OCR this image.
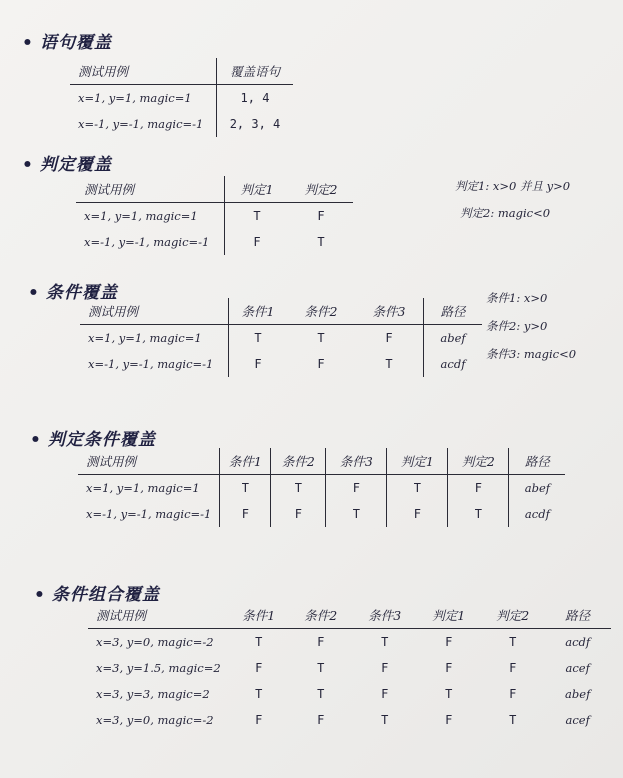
• 语句覆盖
测试用例	覆盖语句
x=1, y=1, magic=1	1, 4
x=-1, y=-1, magic=-1	2, 3, 4
• 判定覆盖
测试用例	判定1	判定2
x=1, y=1, magic=1	T	F
x=-1, y=-1, magic=-1	F	T
判定1: x>0 并且 y>0
判定2: magic<0
• 条件覆盖
测试用例	条件1	条件2	条件3	路径
x=1, y=1, magic=1	T	T	F	abef
x=-1, y=-1, magic=-1	F	F	T	acdf
条件1: x>0
条件2: y>0
条件3: magic<0
• 判定条件覆盖
测试用例	条件1	条件2	条件3	判定1	判定2	路径
x=1, y=1, magic=1	T	T	F	T	F	abef
x=-1, y=-1, magic=-1	F	F	T	F	T	acdf
• 条件组合覆盖
测试用例	条件1	条件2	条件3	判定1	判定2	路径
x=3, y=0, magic=-2	T	F	T	F	T	acdf
x=3, y=1.5, magic=2	F	T	F	F	F	acef
x=3, y=3, magic=2	T	T	F	T	F	abef
x=3, y=0, magic=-2	F	F	T	F	T	acef
